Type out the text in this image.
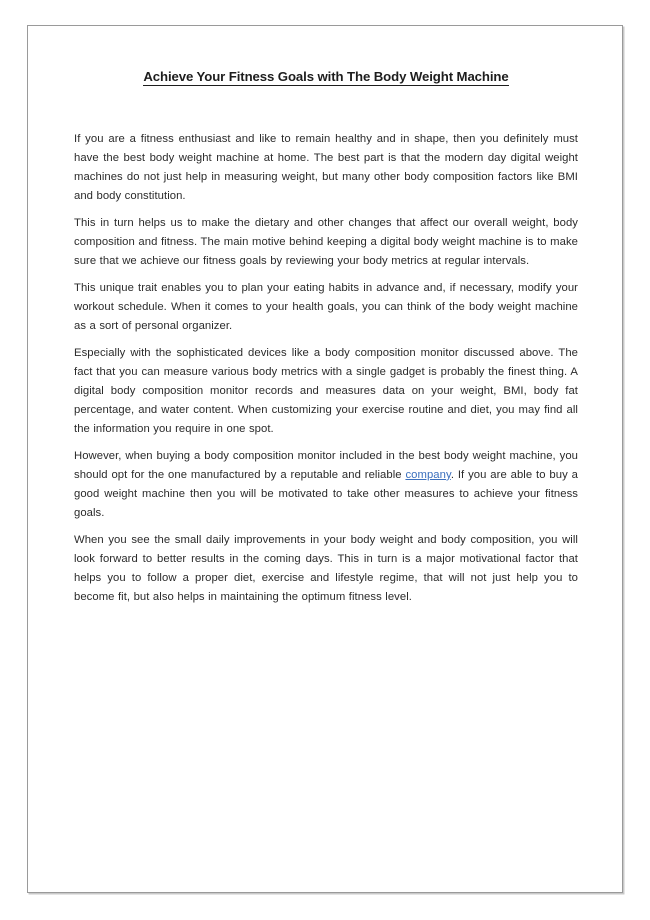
Achieve Your Fitness Goals with The Body Weight Machine

If you are a fitness enthusiast and like to remain healthy and in shape, then you definitely must have the best body weight machine at home. The best part is that the modern day digital weight machines do not just help in measuring weight, but many other body composition factors like BMI and body constitution.

This in turn helps us to make the dietary and other changes that affect our overall weight, body composition and fitness. The main motive behind keeping a digital body weight machine is to make sure that we achieve our fitness goals by reviewing your body metrics at regular intervals.

This unique trait enables you to plan your eating habits in advance and, if necessary, modify your workout schedule. When it comes to your health goals, you can think of the body weight machine as a sort of personal organizer.

Especially with the sophisticated devices like a body composition monitor discussed above. The fact that you can measure various body metrics with a single gadget is probably the finest thing. A digital body composition monitor records and measures data on your weight, BMI, body fat percentage, and water content. When customizing your exercise routine and diet, you may find all the information you require in one spot.

However, when buying a body composition monitor included in the best body weight machine, you should opt for the one manufactured by a reputable and reliable company. If you are able to buy a good weight machine then you will be motivated to take other measures to achieve your fitness goals.

When you see the small daily improvements in your body weight and body composition, you will look forward to better results in the coming days. This in turn is a major motivational factor that helps you to follow a proper diet, exercise and lifestyle regime, that will not just help you to become fit, but also helps in maintaining the optimum fitness level.
